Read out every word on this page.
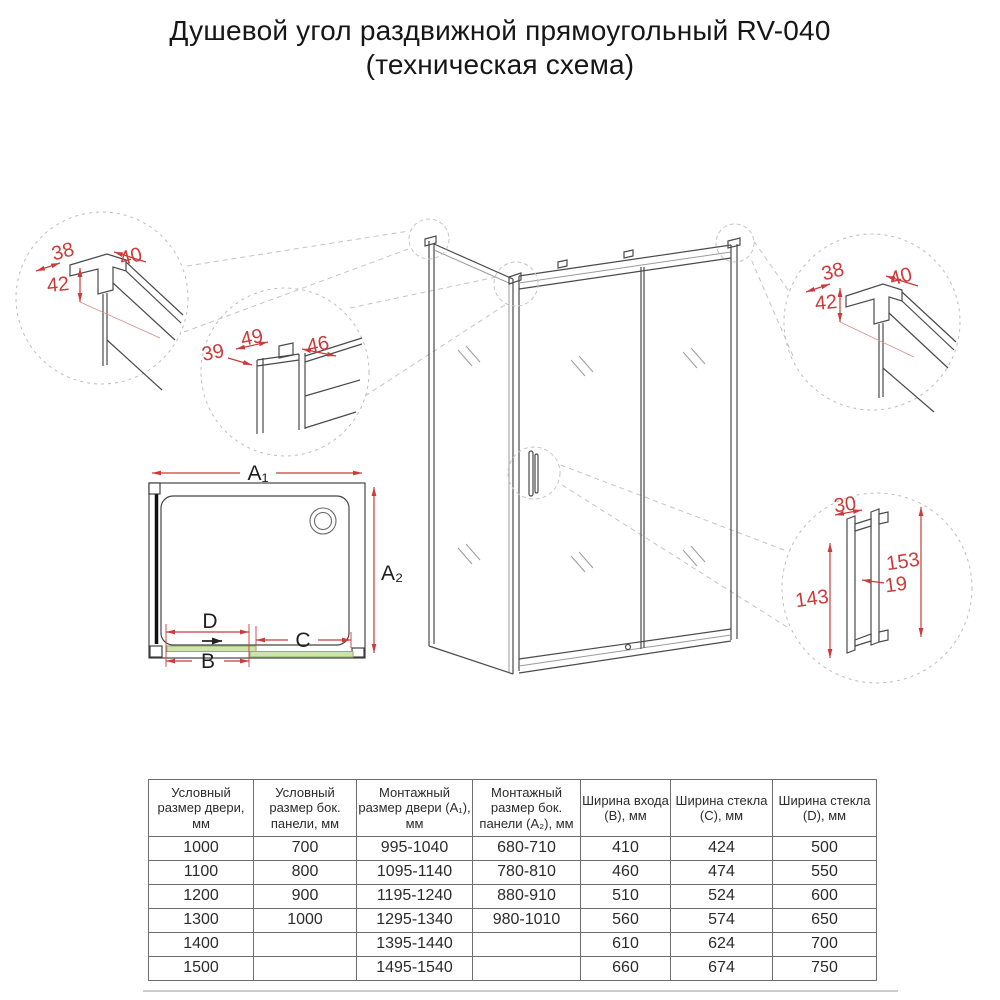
Душевой угол раздвижной прямоугольный RV-040
(техническая схема)
38 40
42
49 46
39
38 40
42
30
153
19
143
A₁
A₂
D
C
B
Условный размер двери, мм	Условный размер бок. панели, мм	Монтажный размер двери (A₁), мм	Монтажный размер бок. панели (A₂), мм	Ширина входа (B), мм	Ширина стекла (C), мм	Ширина стекла (D), мм
1000	700	995-1040	680-710	410	424	500
1100	800	1095-1140	780-810	460	474	550
1200	900	1195-1240	880-910	510	524	600
1300	1000	1295-1340	980-1010	560	574	650
1400		1395-1440		610	624	700
1500		1495-1540		660	674	750
